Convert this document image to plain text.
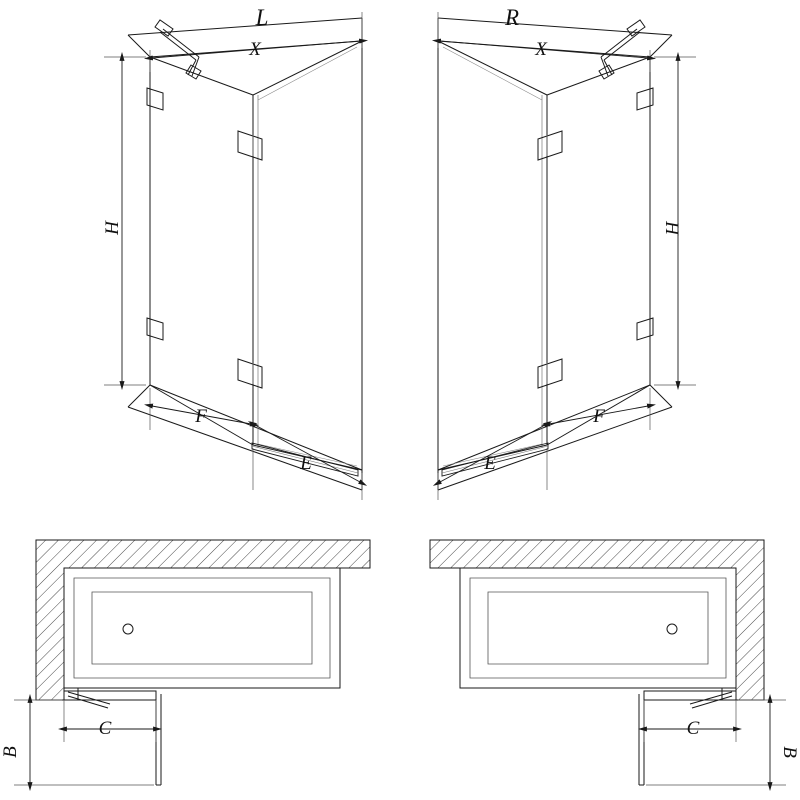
L	R
X	X
H	H
F
E
F
E
C	C
B	B
